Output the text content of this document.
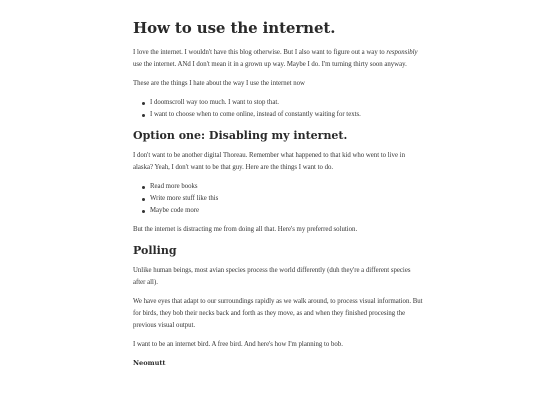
How to use the internet.

I love the internet. I wouldn't have this blog otherwise. But I also want to figure out a way to responsibly use the internet. ANd I don't mean it in a grown up way. Maybe I do. I'm turning thirty soon anyway.

These are the things I hate about the way I use the internet now

I doomscroll way too much. I want to stop that.
I want to choose when to come online, instead of constantly waiting for texts.
Option one: Disabling my internet.

I don't want to be another digital Thoreau. Remember what happened to that kid who went to live in alaska? Yeah, I don't want to be that guy. Here are the things I want to do.

Read more books
Write more stuff like this
Maybe code more

But the internet is distracting me from doing all that. Here's my preferred solution.

Polling

Unlike human beings, most avian species process the world differently (duh they're a different species after all).

We have eyes that adapt to our surroundings rapidly as we walk around, to process visual information. But for birds, they bob their necks back and forth as they move, as and when they finished procesing the previous visual output.

I want to be an internet bird. A free bird. And here's how I'm planning to bob.

Neomutt
